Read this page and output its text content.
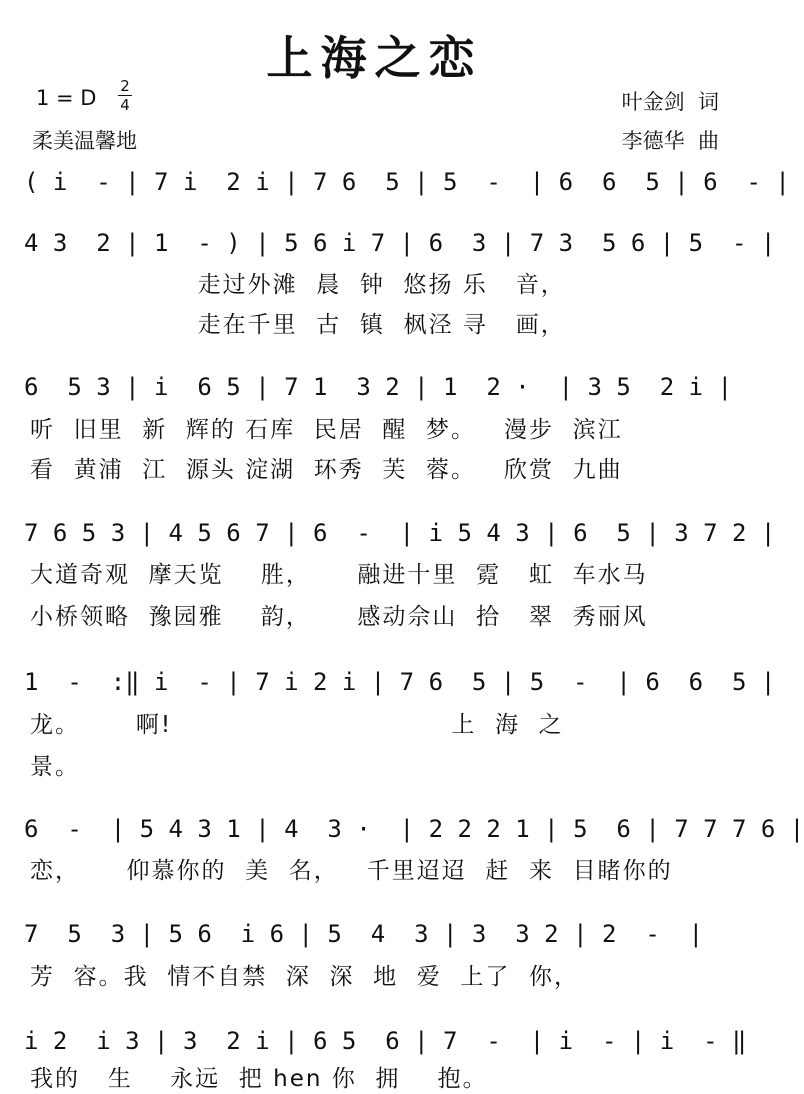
上海之恋
1 = D 2
4
柔美温馨地
叶金剑  词
李德华  曲
( i  - | 7 i  2 i | 7 6  5 | 5  -  | 6  6  5 | 6  - |
4 3  2 | 1  - ) | 5 6 i 7 | 6  3 | 7 3  5 6 | 5  - |
走过外滩  晨  钟  悠扬 乐   音，
走在千里  古  镇  枫泾 寻   画，
6  5 3 | i  6 5 | 7 1  3 2 | 1  2 ·  | 3 5  2 i |
听  旧里  新  辉的 石库  民居  醒  梦。   漫步  滨江
看  黄浦  江  源头 淀湖  环秀  芙  蓉。   欣赏  九曲
7 6 5 3 | 4 5 6 7 | 6  -  | i 5 4 3 | 6  5 | 3 7 2 |
大道奇观  摩天览    胜，     融进十里  霓   虹  车水马
小桥领略  豫园雅    韵，     感动佘山  拾   翠  秀丽风
1  -  :‖ i  - | 7 i 2 i | 7 6  5 | 5  -  | 6  6  5 |
龙。      啊!                              上  海  之
景。
6  -  | 5 4 3 1 | 4  3 ·  | 2 2 2 1 | 5  6 | 7 7 7 6 |
恋，     仰慕你的  美  名，   千里迢迢  赶  来  目睹你的
7  5  3 | 5 6  i 6 | 5  4  3 | 3  3 2 | 2  -  |
芳  容。我  情不自禁  深  深  地  爱  上了  你，
i 2  i 3 | 3  2 i | 6 5  6 | 7  -  | i  - | i  - ‖
我的   生    永远  把 hen 你  拥    抱。
